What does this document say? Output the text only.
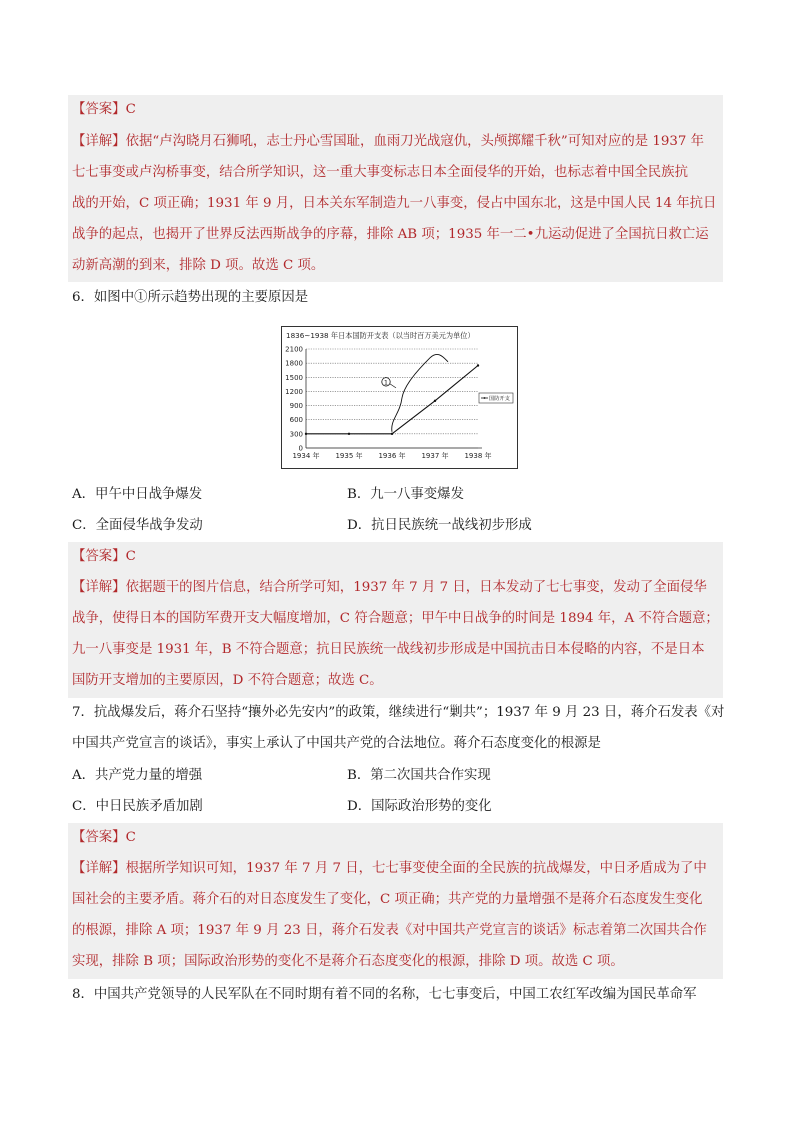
【答案】C
【详解】依据“卢沟晓月石狮吼，志士丹心雪国耻，血雨刀光战寇仇，头颅掷耀千秋”可知对应的是 1937 年
七七事变或卢沟桥事变，结合所学知识，这一重大事变标志日本全面侵华的开始，也标志着中国全民族抗
战的开始，C 项正确；1931 年 9 月，日本关东军制造九一八事变，侵占中国东北，这是中国人民 14 年抗日
战争的起点，也揭开了世界反法西斯战争的序幕，排除 AB 项；1935 年一二•九运动促进了全国抗日救亡运
动新高潮的到来，排除 D 项。故选 C 项。
6．如图中①所示趋势出现的主要原因是
1836~1938 年日本国防开支表（以当时百万美元为单位）
0
300
600
900
1200
1500
1800
2100
1934 年 1935 年 1936 年 1937 年 1938 年
国防开支
1
A．甲午中日战争爆发	B．九一八事变爆发
C．全面侵华战争发动	D．抗日民族统一战线初步形成
【答案】C
【详解】依据题干的图片信息，结合所学可知，1937 年 7 月 7 日，日本发动了七七事变，发动了全面侵华
战争，使得日本的国防军费开支大幅度增加，C 符合题意；甲午中日战争的时间是 1894 年，A 不符合题意；
九一八事变是 1931 年，B 不符合题意；抗日民族统一战线初步形成是中国抗击日本侵略的内容，不是日本
国防开支增加的主要原因，D 不符合题意；故选 C。
7．抗战爆发后，蒋介石坚持“攘外必先安内”的政策，继续进行“剿共”；1937 年 9 月 23 日，蒋介石发表《对
中国共产党宣言的谈话》，事实上承认了中国共产党的合法地位。蒋介石态度变化的根源是
A．共产党力量的增强	B．第二次国共合作实现
C．中日民族矛盾加剧	D．国际政治形势的变化
【答案】C
【详解】根据所学知识可知，1937 年 7 月 7 日，七七事变使全面的全民族的抗战爆发，中日矛盾成为了中
国社会的主要矛盾。蒋介石的对日态度发生了变化，C 项正确；共产党的力量增强不是蒋介石态度发生变化
的根源，排除 A 项；1937 年 9 月 23 日，蒋介石发表《对中国共产党宣言的谈话》标志着第二次国共合作
实现，排除 B 项；国际政治形势的变化不是蒋介石态度变化的根源，排除 D 项。故选 C 项。
8．中国共产党领导的人民军队在不同时期有着不同的名称，七七事变后，中国工农红军改编为国民革命军
